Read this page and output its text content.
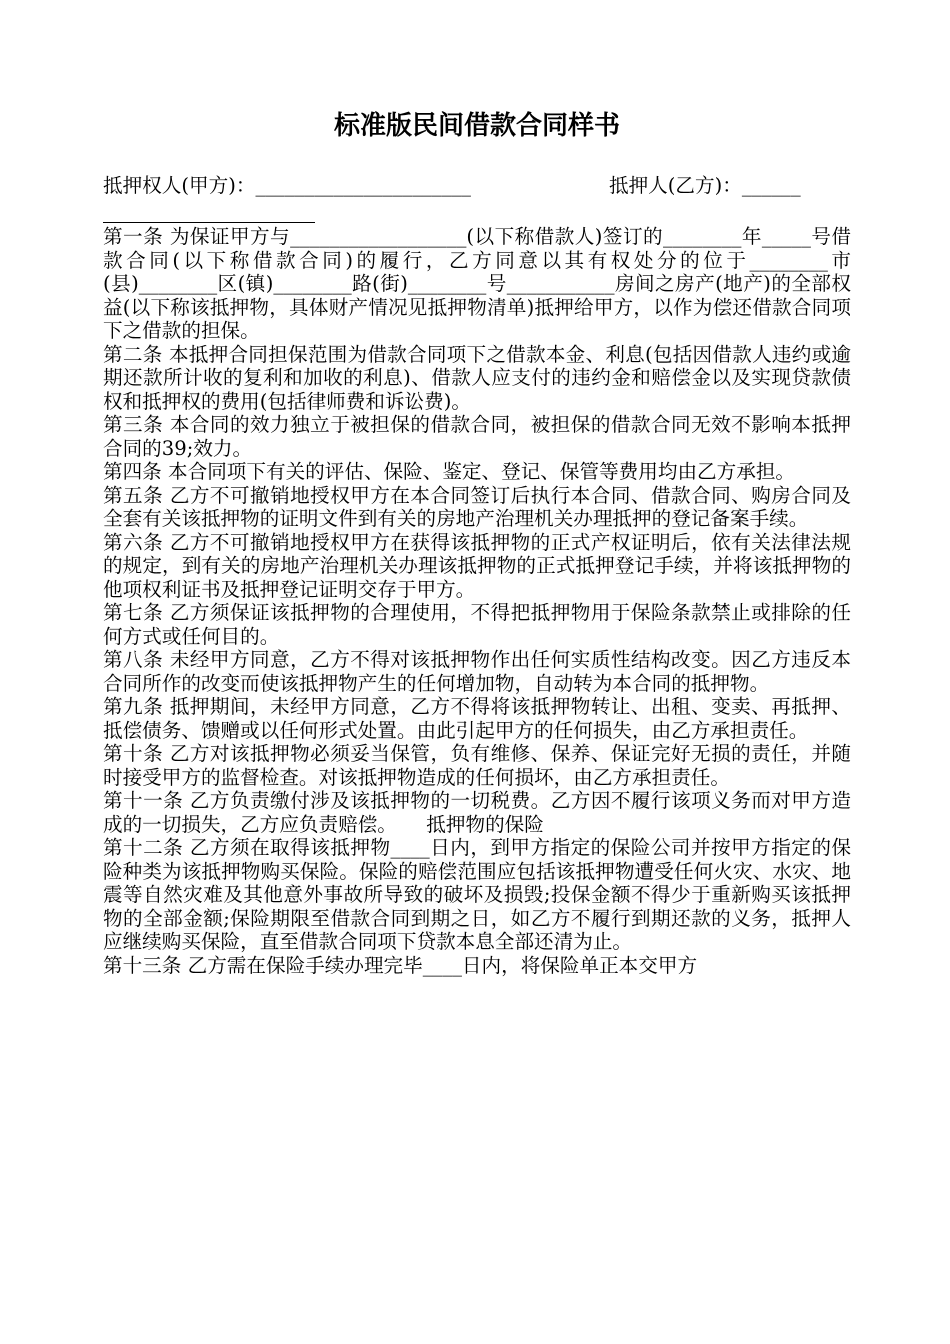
标准版民间借款合同样书
抵押权人(甲方)：______________________	抵押人(乙方)：______

第一条 为保证甲方与__________________(以下称借款人)签订的________年_____号借款合同(以下称借款合同)的履行，乙方同意以其有权处分的位于________市(县)________区(镇)________路(街)________号___________房间之房产(地产)的全部权益(以下称该抵押物，具体财产情况见抵押物清单)抵押给甲方，以作为偿还借款合同项下之借款的担保。

第二条 本抵押合同担保范围为借款合同项下之借款本金、利息(包括因借款人违约或逾期还款所计收的复利和加收的利息)、借款人应支付的违约金和赔偿金以及实现贷款债权和抵押权的费用(包括律师费和诉讼费)。

第三条 本合同的效力独立于被担保的借款合同，被担保的借款合同无效不影响本抵押合同的39;效力。

第四条 本合同项下有关的评估、保险、鉴定、登记、保管等费用均由乙方承担。

第五条 乙方不可撤销地授权甲方在本合同签订后执行本合同、借款合同、购房合同及全套有关该抵押物的证明文件到有关的房地产治理机关办理抵押的登记备案手续。

第六条 乙方不可撤销地授权甲方在获得该抵押物的正式产权证明后，依有关法律法规的规定，到有关的房地产治理机关办理该抵押物的正式抵押登记手续，并将该抵押物的他项权利证书及抵押登记证明交存于甲方。

第七条 乙方须保证该抵押物的合理使用，不得把抵押物用于保险条款禁止或排除的任何方式或任何目的。

第八条 未经甲方同意，乙方不得对该抵押物作出任何实质性结构改变。因乙方违反本合同所作的改变而使该抵押物产生的任何增加物，自动转为本合同的抵押物。

第九条 抵押期间，未经甲方同意，乙方不得将该抵押物转让、出租、变卖、再抵押、抵偿债务、馈赠或以任何形式处置。由此引起甲方的任何损失，由乙方承担责任。

第十条 乙方对该抵押物必须妥当保管，负有维修、保养、保证完好无损的责任，并随时接受甲方的监督检查。对该抵押物造成的任何损坏，由乙方承担责任。

第十一条 乙方负责缴付涉及该抵押物的一切税费。乙方因不履行该项义务而对甲方造成的一切损失，乙方应负责赔偿。　　抵押物的保险

第十二条 乙方须在取得该抵押物____日内，到甲方指定的保险公司并按甲方指定的保险种类为该抵押物购买保险。保险的赔偿范围应包括该抵押物遭受任何火灾、水灾、地震等自然灾难及其他意外事故所导致的破坏及损毁;投保金额不得少于重新购买该抵押物的全部金额;保险期限至借款合同到期之日，如乙方不履行到期还款的义务，抵押人应继续购买保险，直至借款合同项下贷款本息全部还清为止。

第十三条 乙方需在保险手续办理完毕____日内，将保险单正本交甲方
